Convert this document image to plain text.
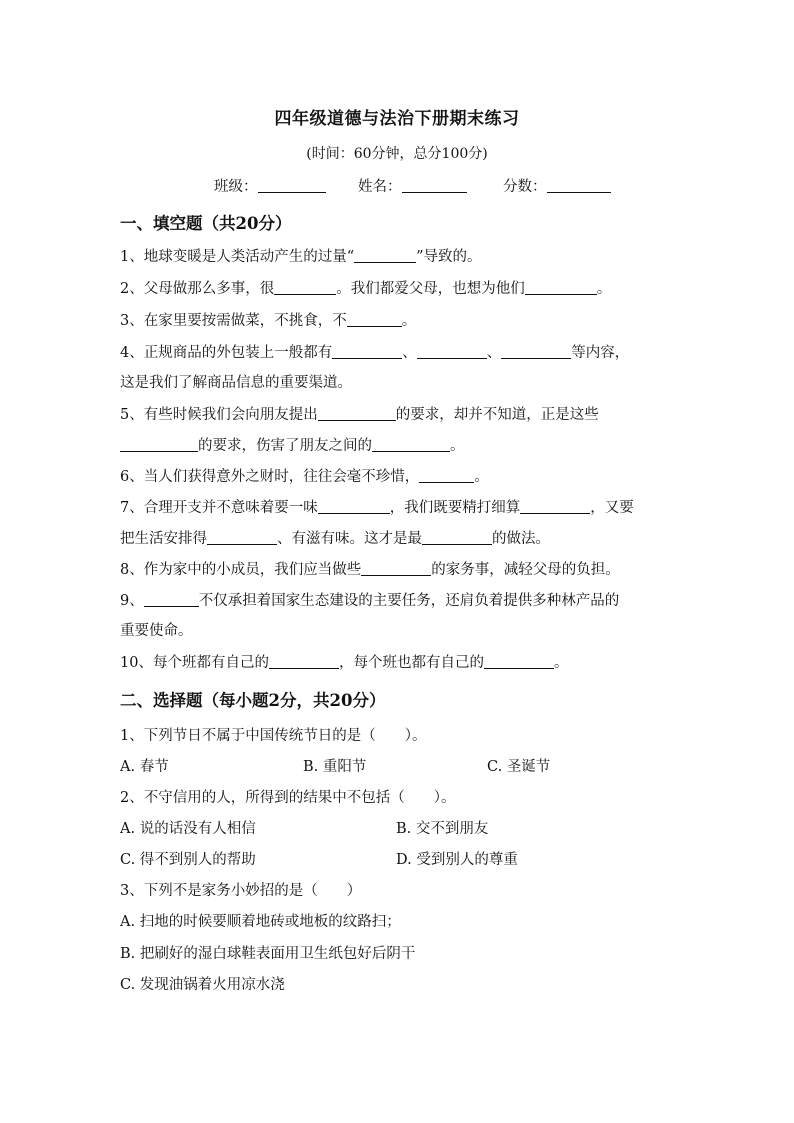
四年级道德与法治下册期末练习
(时间：60分钟，总分100分)
班级：	姓名：	分数：
一、填空题（共20分）
1、地球变暖是人类活动产生的过量“	”导致的。
2、父母做那么多事，很	。我们都爱父母，也想为他们	。
3、在家里要按需做菜，不挑食，不	。
4、正规商品的外包装上一般都有	、	、	等内容，
这是我们了解商品信息的重要渠道。
5、有些时候我们会向朋友提出	的要求，却并不知道，正是这些
的要求，伤害了朋友之间的	。
6、当人们获得意外之财时，往往会毫不珍惜，	。
7、合理开支并不意味着要一味	，我们既要精打细算	，又要
把生活安排得	、有滋有味。这才是最	的做法。
8、作为家中的小成员，我们应当做些	的家务事，减轻父母的负担。
9、	不仅承担着国家生态建设的主要任务，还肩负着提供多种林产品的
重要使命。
10、每个班都有自己的	，每个班也都有自己的	。
二、选择题（每小题2分，共20分）
1、下列节日不属于中国传统节日的是（　　）。
A. 春节	B. 重阳节	C. 圣诞节
2、不守信用的人，所得到的结果中不包括（　　）。
A. 说的话没有人相信	B. 交不到朋友
C. 得不到别人的帮助	D. 受到别人的尊重
3、下列不是家务小妙招的是（　　）
A. 扫地的时候要顺着地砖或地板的纹路扫；
B. 把刷好的湿白球鞋表面用卫生纸包好后阴干
C. 发现油锅着火用凉水浇
